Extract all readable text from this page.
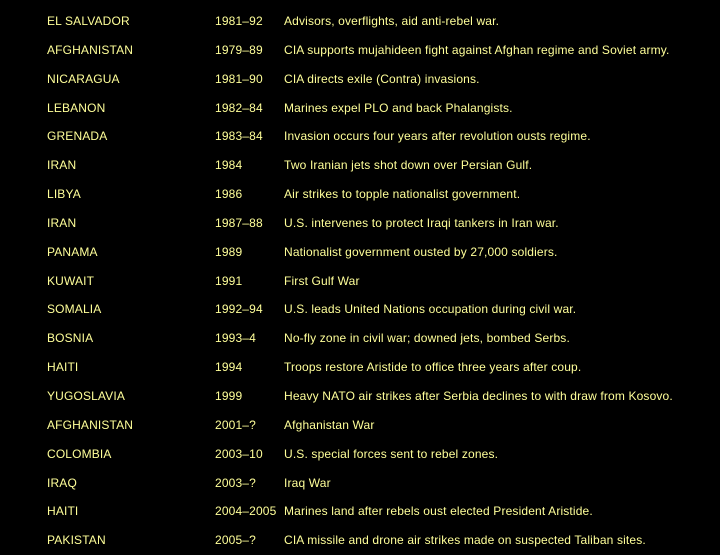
EL SALVADOR	1981–92 Advisors, overflights, aid anti-rebel war.
AFGHANISTAN	1979–89 CIA supports mujahideen fight against Afghan regime and Soviet army.
NICARAGUA	1981–90 CIA directs exile (Contra) invasions.
LEBANON	1982–84 Marines expel PLO and back Phalangists.
GRENADA	1983–84 Invasion occurs four years after revolution ousts regime.
IRAN	1984	Two Iranian jets shot down over Persian Gulf.
LIBYA	1986	Air strikes to topple nationalist government.
IRAN	1987–88 U.S. intervenes to protect Iraqi tankers in Iran war.
PANAMA	1989	Nationalist government ousted by 27,000 soldiers.
KUWAIT	1991	First Gulf War
SOMALIA	1992–94 U.S. leads United Nations occupation during civil war.
BOSNIA	1993–4 No-fly zone in civil war; downed jets, bombed Serbs.
HAITI	1994	Troops restore Aristide to office three years after coup.
YUGOSLAVIA	1999	Heavy NATO air strikes after Serbia declines to with draw from Kosovo.
AFGHANISTAN	2001–? Afghanistan War
COLOMBIA	2003–10 U.S. special forces sent to rebel zones.
IRAQ	2003–? Iraq War
HAITI	2004–2005 Marines land after rebels oust elected President Aristide.
PAKISTAN	2005–? CIA missile and drone air strikes made on suspected Taliban sites.
